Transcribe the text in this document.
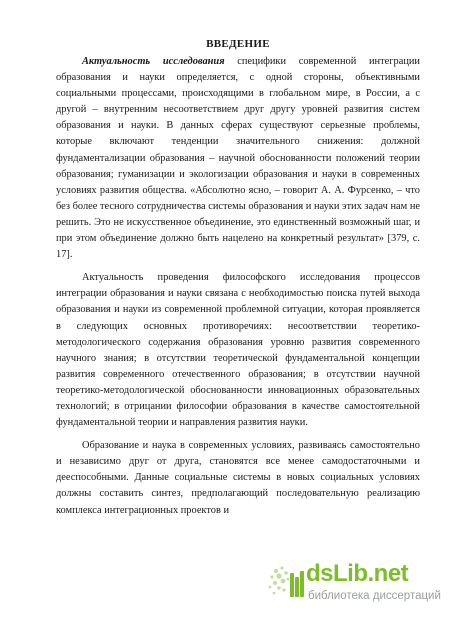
ВВЕДЕНИЕ

Актуальность исследования специфики современной интеграции образования и науки определяется, с одной стороны, объективными социальными процессами, происходящими в глобальном мире, в России, а с другой – внутренним несоответствием друг другу уровней развития систем образования и науки. В данных сферах существуют серьезные проблемы, которые включают тенденции значительного снижения: должной фундаментализации образования – научной обоснованности положений теории образования; гуманизации и экологизации образования и науки в современных условиях развития общества. «Абсолютно ясно, – говорит А. А. Фурсенко, – что без более тесного сотрудничества системы образования и науки этих задач нам не решить. Это не искусственное объединение, это единственный возможный шаг, и при этом объединение должно быть нацелено на конкретный результат» [379, с. 17].

Актуальность проведения философского исследования процессов интеграции образования и науки связана с необходимостью поиска путей выхода образования и науки из современной проблемной ситуации, которая проявляется в следующих основных противоречиях: несоответствии теоретико-методологического содержания образования уровню развития современного научного знания; в отсутствии теоретической фундаментальной концепции развития современного отечественного образования; в отсутствии научной теоретико-методологической обоснованности инновационных образовательных технологий; в отрицании философии образования в качестве самостоятельной фундаментальной теории и направления развития науки.

Образование и наука в современных условиях, развиваясь самостоятельно и независимо друг от друга, становятся все менее самодостаточными и дееспособными. Данные социальные системы в новых социальных условиях должны составить синтез, предполагающий последовательную реализацию комплекса интеграционных проектов и

dsLib.net
библиотека диссертаций
